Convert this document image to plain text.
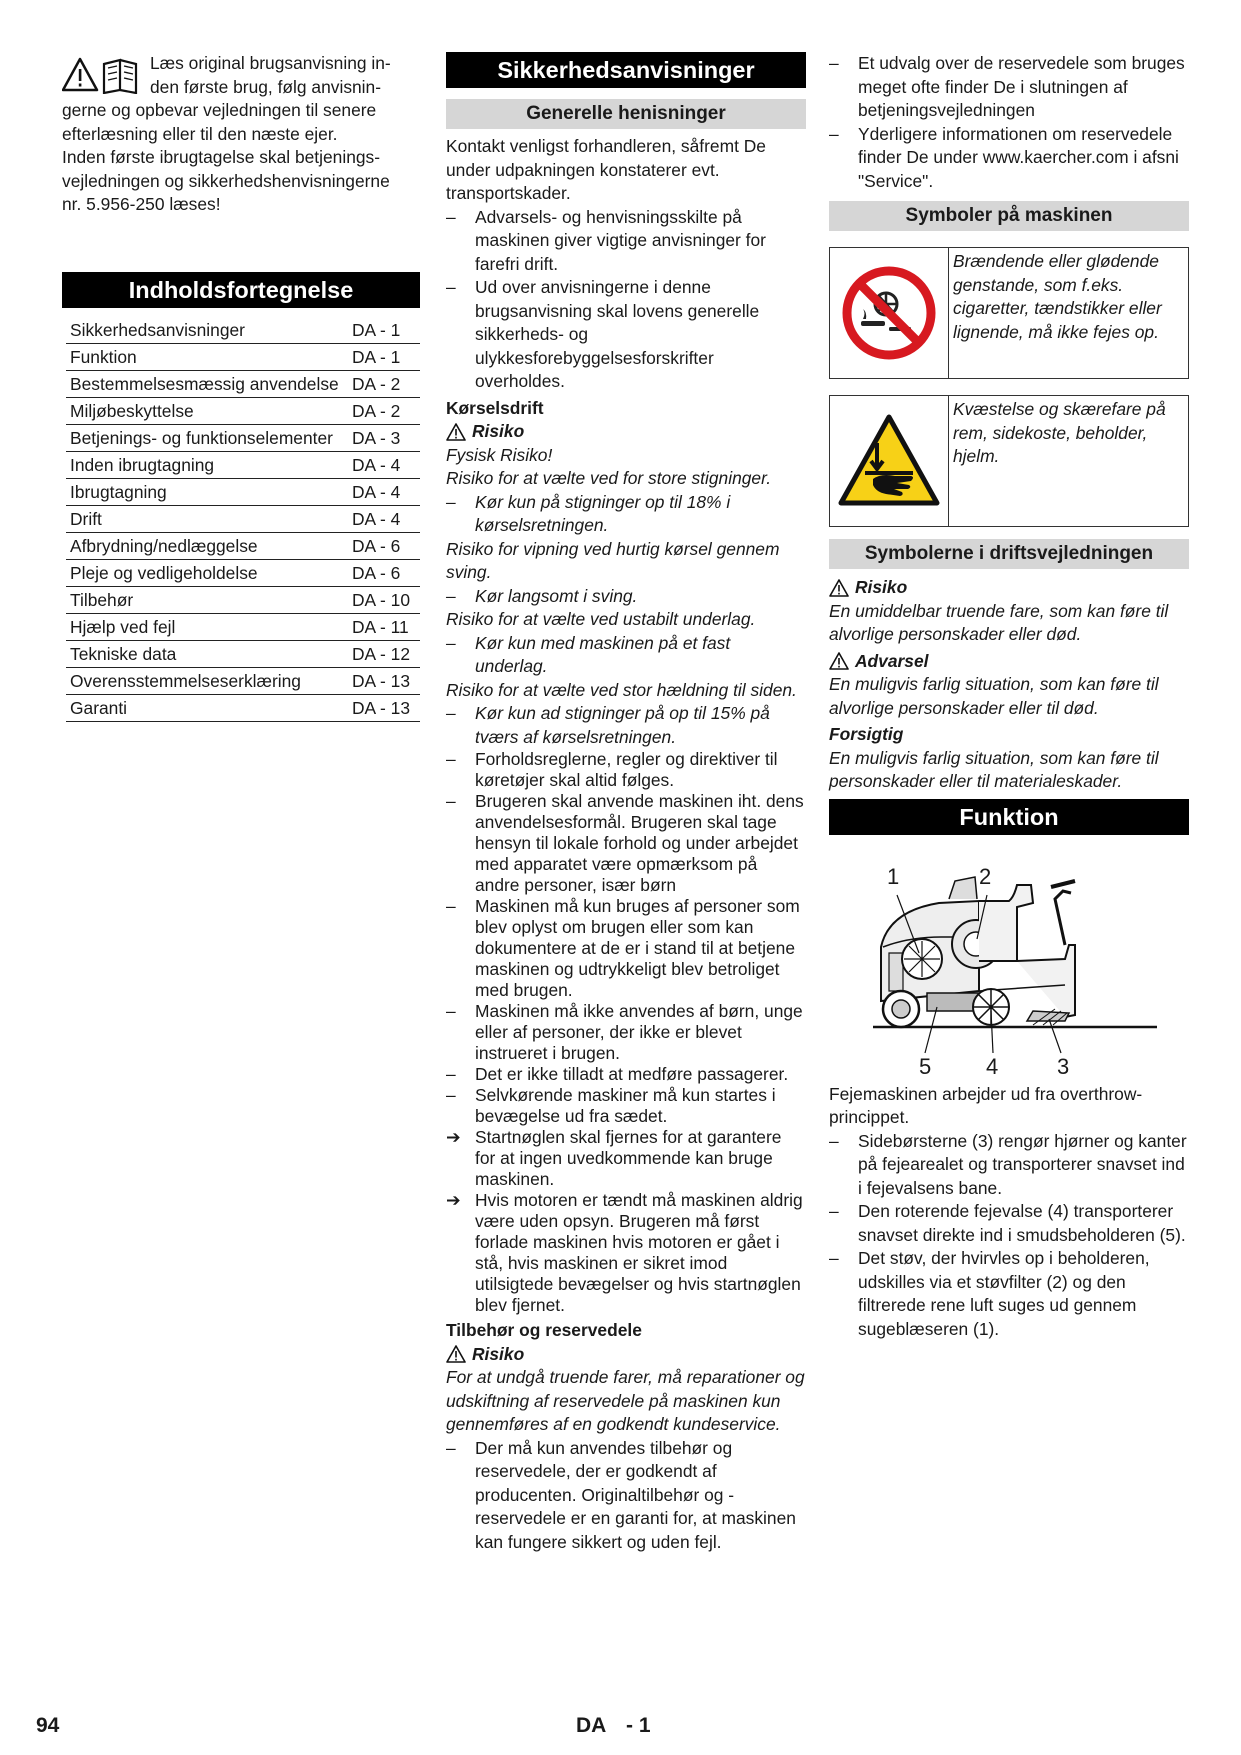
Læs original brugsanvisning in-

den første brug, følg anvisnin-

gerne og opbevar vejledningen til senere

efterlæsning eller til den næste ejer.

Inden første ibrugtagelse skal betjenings-

vejledningen og sikkerhedshenvisningerne

nr. 5.956-250 læses!

Indholdsfortegnelse
Sikkerhedsanvisninger	DA - 1
Funktion	DA - 1
Bestemmelsesmæssig anvendelse	DA - 2
Miljøbeskyttelse	DA - 2
Betjenings- og funktionselementer	DA - 3
Inden ibrugtagning	DA - 4
Ibrugtagning	DA - 4
Drift	DA - 4
Afbrydning/nedlæggelse	DA - 6
Pleje og vedligeholdelse	DA - 6
Tilbehør	DA - 10
Hjælp ved fejl	DA - 11
Tekniske data	DA - 12
Overensstemmelseserklæring	DA - 13
Garanti	DA - 13
Sikkerhedsanvisninger
Generelle henisninger

Kontakt venligst forhandleren, såfremt De under udpakningen konstaterer evt. transportskader.

–	Advarsels- og henvisningsskilte på maskinen giver vigtige anvisninger for farefri drift.
–	Ud over anvisningerne i denne brugsanvisning skal lovens generelle sikkerheds- og ulykkesforebyggelsesforskrifter overholdes.

Kørselsdrift

Risiko

Fysisk Risiko!

Risiko for at vælte ved for store stigninger.

–	Kør kun på stigninger op til 18% i kørselsretningen.

Risiko for vipning ved hurtig kørsel gennem sving.

–	Kør langsomt i sving.

Risiko for at vælte ved ustabilt underlag.

–	Kør kun med maskinen på et fast underlag.

Risiko for at vælte ved stor hældning til siden.

–	Kør kun ad stigninger på op til 15% på tværs af kørselsretningen.
–	Forholdsreglerne, regler og direktiver til køretøjer skal altid følges.
–	Brugeren skal anvende maskinen iht. dens anvendelsesformål. Brugeren skal tage hensyn til lokale forhold og under arbejdet med apparatet være opmærksom på andre personer, især børn
–	Maskinen må kun bruges af personer som blev oplyst om brugen eller som kan dokumentere at de er i stand til at betjene maskinen og udtrykkeligt blev betroliget med brugen.
–	Maskinen må ikke anvendes af børn, unge eller af personer, der ikke er blevet instrueret i brugen.
–	Det er ikke tilladt at medføre passagerer.
–	Selvkørende maskiner må kun startes i bevægelse ud fra sædet.
➔ Startnøglen skal fjernes for at garantere for at ingen uvedkommende kan bruge maskinen.
➔ Hvis motoren er tændt må maskinen aldrig være uden opsyn. Brugeren må først forlade maskinen hvis motoren er gået i stå, hvis maskinen er sikret imod utilsigtede bevægelser og hvis startnøglen blev fjernet.

Tilbehør og reservedele

Risiko

For at undgå truende farer, må reparationer og udskiftning af reservedele på maskinen kun gennemføres af en godkendt kundeservice.

–	Der må kun anvendes tilbehør og reservedele, der er godkendt af producenten. Originaltilbehør og -reservedele er en garanti for, at maskinen kan fungere sikkert og uden fejl.
–	Et udvalg over de reservedele som bruges meget ofte finder De i slutningen af betjeningsvejledningen
–	Yderligere informationen om reservedele finder De under www.kaercher.com i afsni "Service".
Symboler på maskinen
Brændende eller glødende genstande, som f.eks. cigaretter, tændstikker eller lignende, må ikke fejes op.
Kvæstelse og skærefare på rem, sidekoste, beholder, hjelm.
Symbolerne i driftsvejledningen
Risiko

En umiddelbar truende fare, som kan føre til alvorlige personskader eller død.

Advarsel

En muligvis farlig situation, som kan føre til alvorlige personskader eller til død.

Forsigtig

En muligvis farlig situation, som kan føre til personskader eller til materialeskader.

Funktion
1	2
3
4
5

Fejemaskinen arbejder ud fra overthrow-princippet.

–	Sidebørsterne (3) rengør hjørner og kanter på fejearealet og transporterer snavset ind i fejevalsens bane.
–	Den roterende fejevalse (4) transporterer snavset direkte ind i smudsbeholderen (5).
–	Det støv, der hvirvles op i beholderen, udskilles via et støvfilter (2) og den filtrerede rene luft suges ud gennem sugeblæseren (1).
94	DA - 1
